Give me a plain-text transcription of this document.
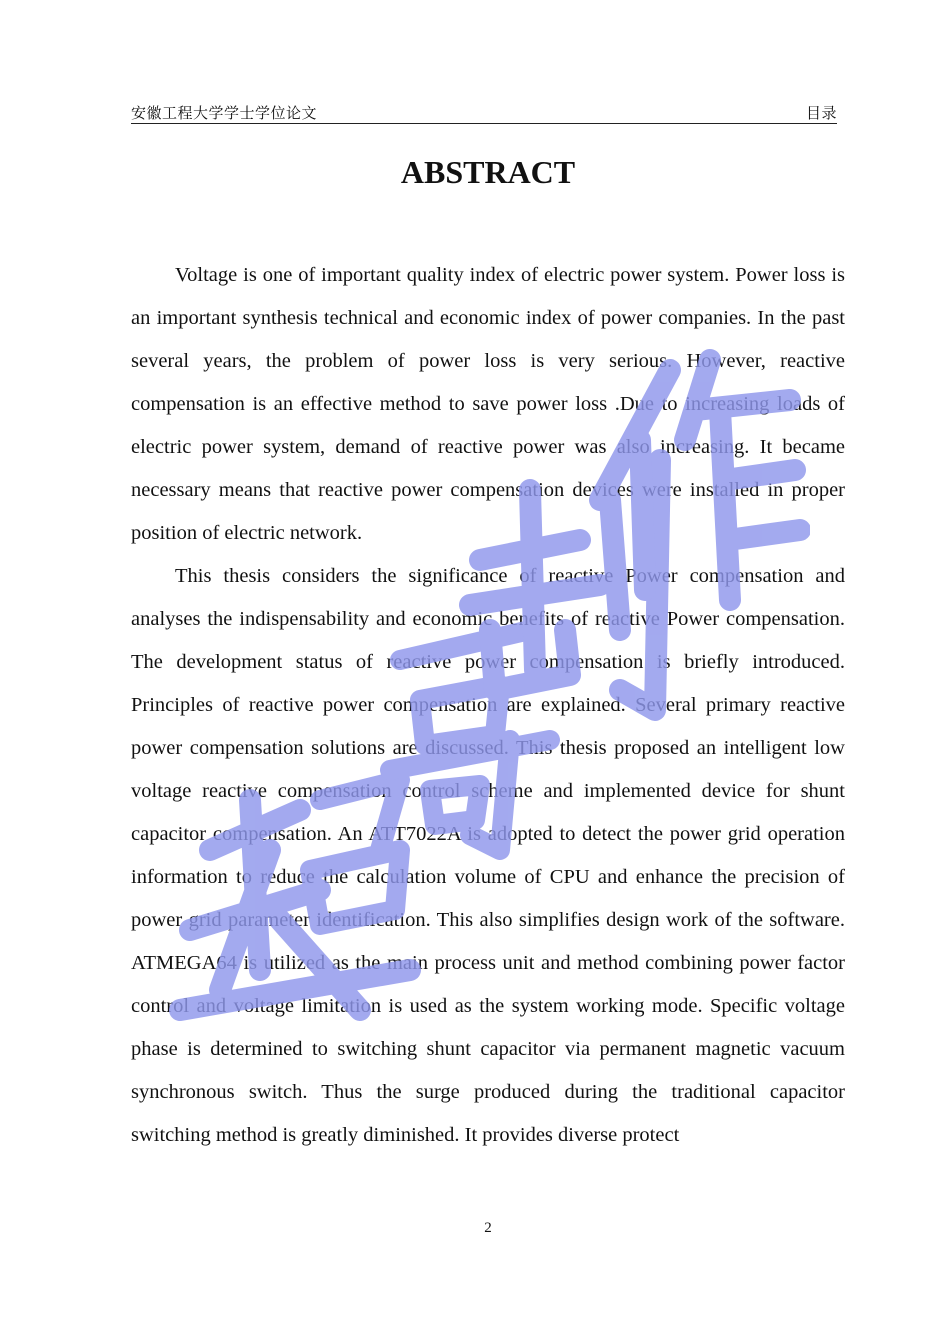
安徽工程大学学士学位论文	目录
ABSTRACT

Voltage is one of important quality index of electric power system. Power loss is an important synthesis technical and economic index of power companies. In the past several years, the problem of power loss is very serious. However, reactive compensation is an effective method to save power loss .Due to increasing loads of electric power system, demand of reactive power was also increasing. It became necessary means that reactive power compensation devices were installed in proper position of electric network.

This thesis considers the significance of reactive Power compensation and analyses the indispensability and economic benefits of reactive Power compensation. The development status of reactive power compensation is briefly introduced. Principles of reactive power compensation are explained. Several primary reactive power compensation solutions are discussed. This thesis proposed an intelligent low voltage reactive compensation control scheme and implemented device for shunt capacitor compensation. An ATT7022A is adopted to detect the power grid operation information to reduce the calculation volume of CPU and enhance the precision of power grid parameter identification. This also simplifies design work of the software. ATMEGA64 is utilized as the main process unit and method combining power factor control and voltage limitation is used as the system working mode. Specific voltage phase is determined to switching shunt capacitor via permanent magnetic vacuum synchronous switch. Thus the surge produced during the traditional capacitor switching method is greatly diminished. It provides diverse protect

2
